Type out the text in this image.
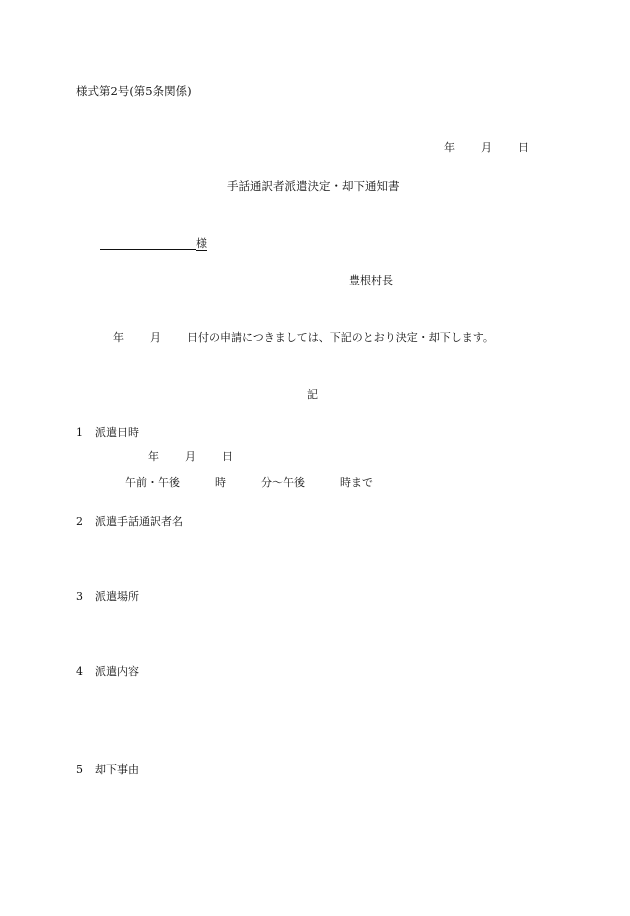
様式第2号(第5条関係)
年 月 日
手話通訳者派遣決定・却下通知書
様
豊根村長
年 月 日付の申請につきましては、下記のとおり決定・却下します。
記
1 派遣日時
年 月 日
午前・午後	時	分〜午後	時まで
2 派遣手話通訳者名
3 派遣場所
4 派遣内容
5 却下事由
